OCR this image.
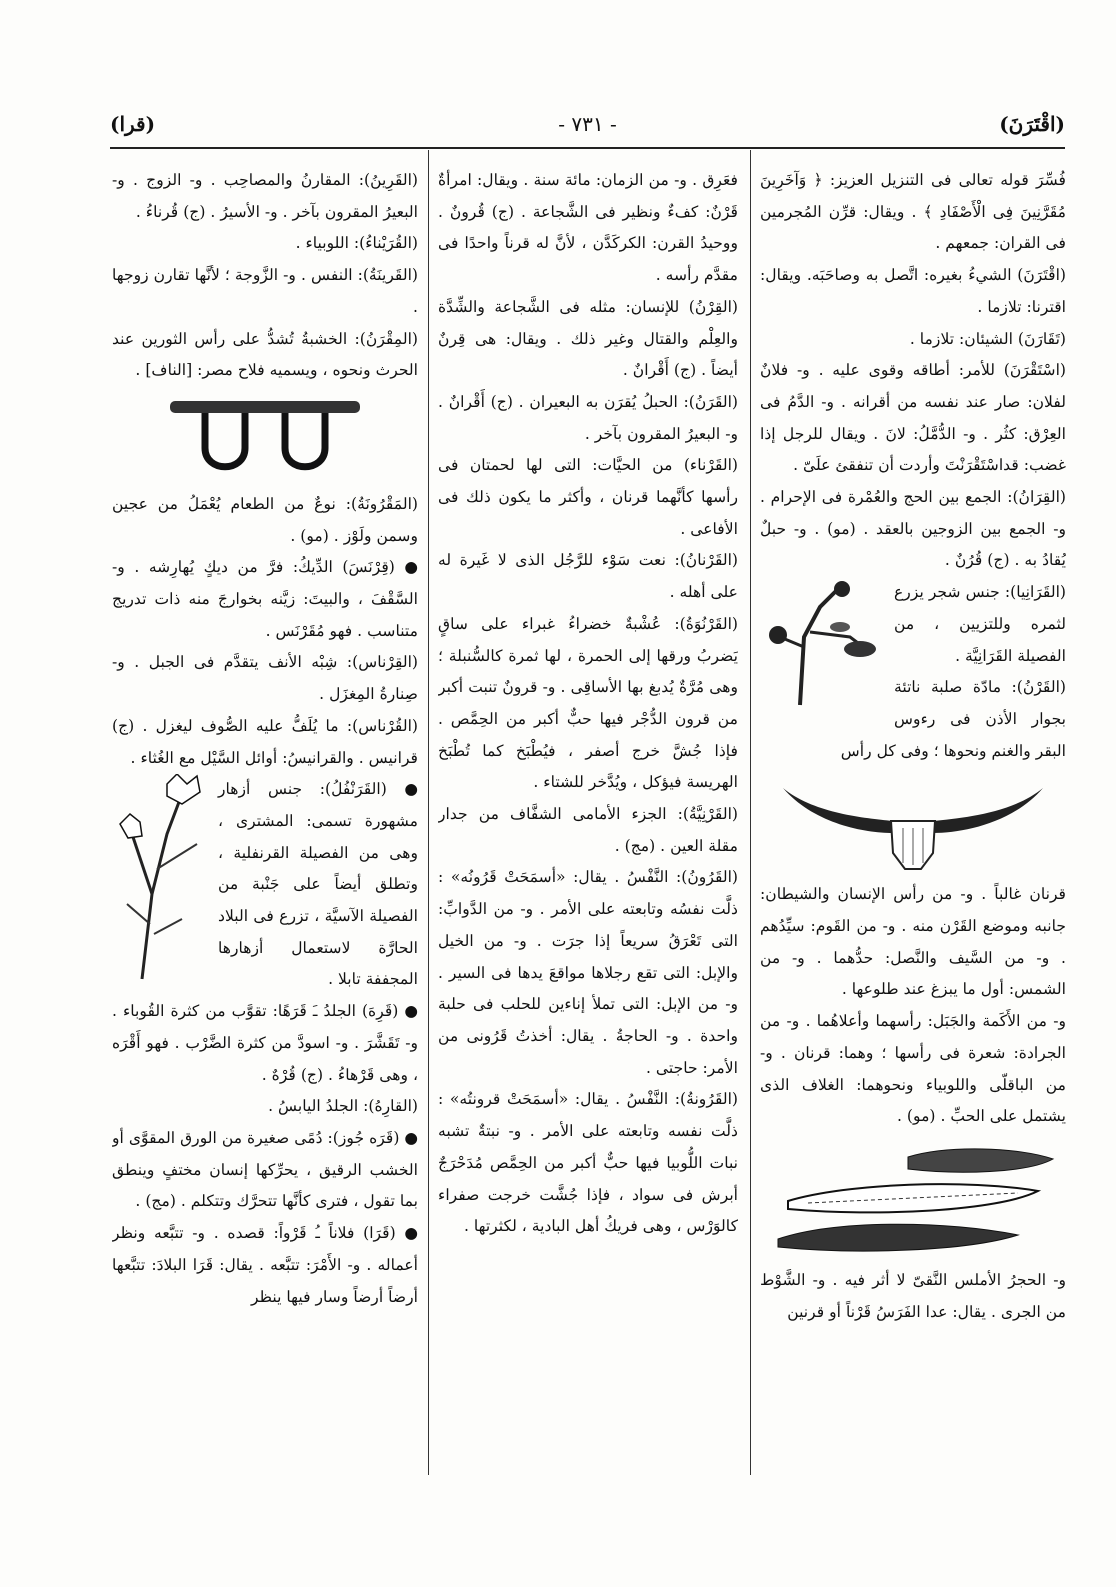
(اقْتَرَنَ)
- ٧٣١ -
(قرا)

فُسِّرَ قوله تعالى فى التنزيل العزيز: ﴿ وَآخَرِينَ مُقَرَّنِينَ فِى الْأَصْفَادِ ﴾ . ويقال: قرِّن المُجرمين فى القران: جمعهم .

(اقْتَرَنَ) الشيءُ بغيره: اتَّصل به وصاحَبَه. ويقال: اقترنا: تلازما .

(تَقَارَنَ) الشيئان: تلازما .

(اسْتَقْرَنَ) للأمر: أطاقه وقوى عليه . و- فلانٌ لفلان: صار عند نفسه من أقرانه . و- الدَّمُ فى العِرْق: كثُر . و- الدُّمَّلُ: لانَ . ويقال للرجل إذا غضب: قداسْتَقْرَنْتَ وأردت أن تنفقئ علَىّ .

(القِرَانُ): الجمع بين الحج والعُمْرة فى الإحرام . و- الجمع بين الزوجين بالعقد . (مو) . و- حبلٌ يُقادُ به . (ج) قُرُنٌ .

(القَرَانِيا): جنس شجر يزرع لثمره وللتزيين ، من الفصيلة القَرَانِيَّة .

(القَرْنُ): مادّة صلبة ناتئة بجوار الأذن فى رءوس البقر والغنم ونحوها ؛ وفى كل رأس

قرنان غالباً . و- من رأس الإنسان والشيطان: جانبه وموضع القَرْن منه . و- من القَوم: سيِّدُهم . و- من السَّيف والنَّصل: حدُّهما . و- من الشمس: أول ما يبزغ عند طلوعها .

و- من الأَكَمة والجَبَل: رأسهما وأعلاهُما . و- من الجرادة: شعرة فى رأسها ؛ وهما: قرنان . و- من الباقلّى واللوبياء ونحوهما: الغلاف الذى يشتمل على الحبِّ . (مو) .

و- الحجرُ الأملس النَّقىّ لا أثر فيه . و- الشَّوْط من الجرى . يقال: عدا الفَرَسُ قَرْناً أو قرنين

فعَرِق . و- من الزمان: مائة سنة . ويقال: امرأةٌ قَرْنٌ: كفءٌ ونظير فى الشَّجاعة . (ج) قُرونٌ . ووحيدُ القرن: الكركَدَّن ، لأنَّ له قرناً واحدًا فى مقدَّم رأسه .

(القِرْنُ) للإنسان: مثله فى الشَّجاعة والشِّدَّة والعِلْم والقتال وغير ذلك . ويقال: هى قِرنٌ أيضاً . (ج) أَقْرانٌ .

(القَرَنُ): الحبلُ يُقرَن به البعيران . (ج) أَقْرانٌ . و- البعيرُ المقرون بآخر .

(القَرْناء) من الحيَّات: التى لها لحمتان فى رأسها كأنَّهما قرنان ، وأكثر ما يكون ذلك فى الأفاعى .

(القَرْنانُ): نعت سَوْء للرَّجُل الذى لا غَيرة له على أهله .

(القَرْنُوَةُ): عُشْبةٌ خضراءُ غبراء على ساقٍ يَضربُ ورقها إلى الحمرة ، لها ثمرة كالسُّنبلة ؛ وهى مُرَّةٌ يُدبغ بها الأساقِى . و- قرونٌ تنبت أكبر من قرون الدُّجْر فيها حبٌّ أكبر من الحِمَّص . فإذا جُشَّ خرج أصفر ، فيُطْبَخ كما تُطْبَخ الهريسة فيؤكل ، ويُدَّخر للشتاء .

(القَرْنِيَّةُ): الجزء الأمامى الشفَّاف من جدار مقلة العين . (مج) .

(القَرُونُ): النَّفْسُ . يقال: «أسمَحَتْ قَرُونُه» : ذلَّت نفسُه وتابعته على الأمر . و- من الدَّوابِّ: التى تَعْرَقُ سريعاً إذا جرَت . و- من الخيل والإبل: التى تقع رجلاها مواقعَ يدها فى السير . و- من الإبل: التى تملأ إناءين للحلب فى حلبة واحدة . و- الحاجةُ . يقال: أخذتُ قَرُونى من الأمر: حاجتى .

(القَرُونةُ): النَّفْسُ . يقال: «أسمَحَتْ قرونتُه» : ذلَّت نفسه وتابعته على الأمر . و- نبتةٌ تشبه نبات اللُّوبيا فيها حبٌّ أكبر من الحِمَّص مُدَحْرَجٌ أبرش فى سواد ، فإذا جُشَّت خرجت صفراء كالوَرْس ، وهى فريكُ أهل البادية ، لكثرتها .

(القَرِينُ): المقارنُ والمصاحِب . و- الزوج . و- البعيرُ المقرون بآخر . و- الأسيرُ . (ج) قُرناءُ .

(القُرَيْناءُ): اللوبياء .

(القَرينَةُ): النفس . و- الزَّوجة ؛ لأنَّها تقارن زوجها .

(المِقْرَنُ): الخشبةُ تُشدُّ على رأس الثورين عند الحرث ونحوه ، ويسميه فلاح مصر: [الناف] .

(المَقْرُونَةُ): نوعٌ من الطعام يُعْمَلُ من عجين وسمن ولَوْز . (مو) .

● (قِرْنَسَ) الدِّيكُ: فرَّ من ديكٍ يُهارِشه . و- السَّقْفَ ، والبيتَ: زيَّنه بخوارجَ منه ذات تدريج متناسب . فهو مُقَرْنَس .

(القِرْناس): شِبْه الأنف يتقدَّم فى الجبل . و- صِنارةُ المِغزَل .

(القُرْناس): ما يُلَفُّ عليه الصُّوف ليغزل . (ج) قرانيس . والقرانيسُ: أوائل السَّيْل مع الغُثاء .

● (القَرَنْفُلُ): جنس أزهار مشهورة تسمى: المشترى ، وهى من الفصيلة القرنفلية ، وتطلق أيضاً على جَنْبة من الفصيلة الآسيَّة ، تزرع فى البلاد الحارَّة لاستعمال أزهارها المجففة تابلا .

● (قَرِهَ) الجلدُ ـَ قَرَهًا: تقوَّب من كثرة القُوباء . و- تَقَشَّرَ . و- اسودَّ من كثرة الضَّرْب . فهو أَقْرَه ، وهى قَرْهاءُ . (ج) قُرْهٌ .

(القارِهُ): الجلدُ اليابسُ .

● (قَرَه جُوز): دُمًى صغيرة من الورق المقوَّى أو الخشب الرقيق ، يحرِّكها إنسان مختفٍ وينطق بما تقول ، فترى كأنَّها تتحرَّك وتتكلم . (مج) .

● (قَرَا) فلاناً ـُ قَرْواً: قصده . و- تتبَّعه ونظر أعماله . و- الأَمْرَ: تتبَّعه . يقال: قَرَا البلادَ: تتبَّعها أرضاً أرضاً وسار فيها ينظر
